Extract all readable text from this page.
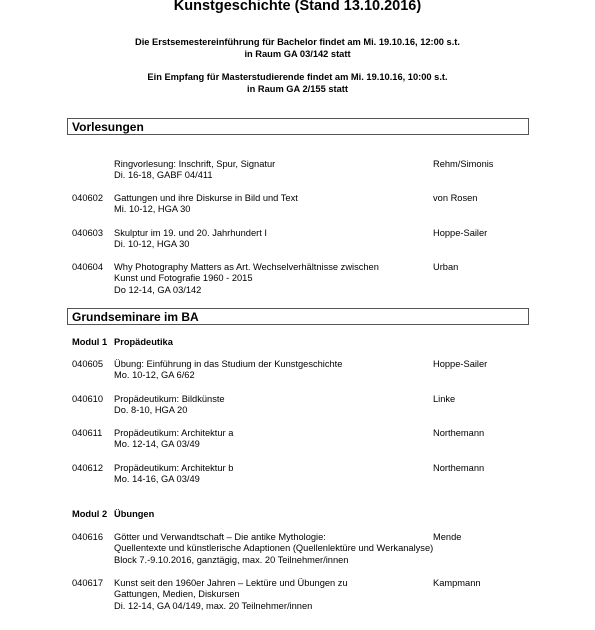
Kunstgeschichte (Stand 13.10.2016)
Die Erstsemestereinführung für Bachelor findet am Mi. 19.10.16, 12:00 s.t.
in Raum GA 03/142 statt
Ein Empfang für Masterstudierende findet am Mi. 19.10.16, 10:00 s.t.
in Raum GA 2/155 statt
Vorlesungen
Ringvorlesung: Inschrift, Spur, Signatur
Di. 16-18, GABF 04/411
Rehm/Simonis
040602 Gattungen und ihre Diskurse in Bild und Text
Mi. 10-12, HGA 30
von Rosen
040603 Skulptur im 19. und 20. Jahrhundert I
Di. 10-12, HGA 30
Hoppe-Sailer
040604 Why Photography Matters as Art. Wechselverhältnisse zwischen
Kunst und Fotografie 1960 - 2015
Do 12-14, GA 03/142
Urban
Grundseminare im BA
Modul 1 Propädeutika
040605 Übung: Einführung in das Studium der Kunstgeschichte
Mo. 10-12, GA 6/62
Hoppe-Sailer
040610 Propädeutikum: Bildkünste
Do. 8-10, HGA 20
Linke
040611 Propädeutikum: Architektur a
Mo. 12-14, GA 03/49
Northemann
040612 Propädeutikum: Architektur b
Mo. 14-16, GA 03/49
Northemann
Modul 2 Übungen
040616 Götter und Verwandtschaft – Die antike Mythologie:
Quellentexte und künstlerische Adaptionen (Quellenlektüre und Werkanalyse)
Block 7.-9.10.2016, ganztägig, max. 20 Teilnehmer/innen
Mende
040617 Kunst seit den 1960er Jahren – Lektüre und Übungen zu
Gattungen, Medien, Diskursen
Di. 12-14, GA 04/149, max. 20 Teilnehmer/innen
Kampmann
